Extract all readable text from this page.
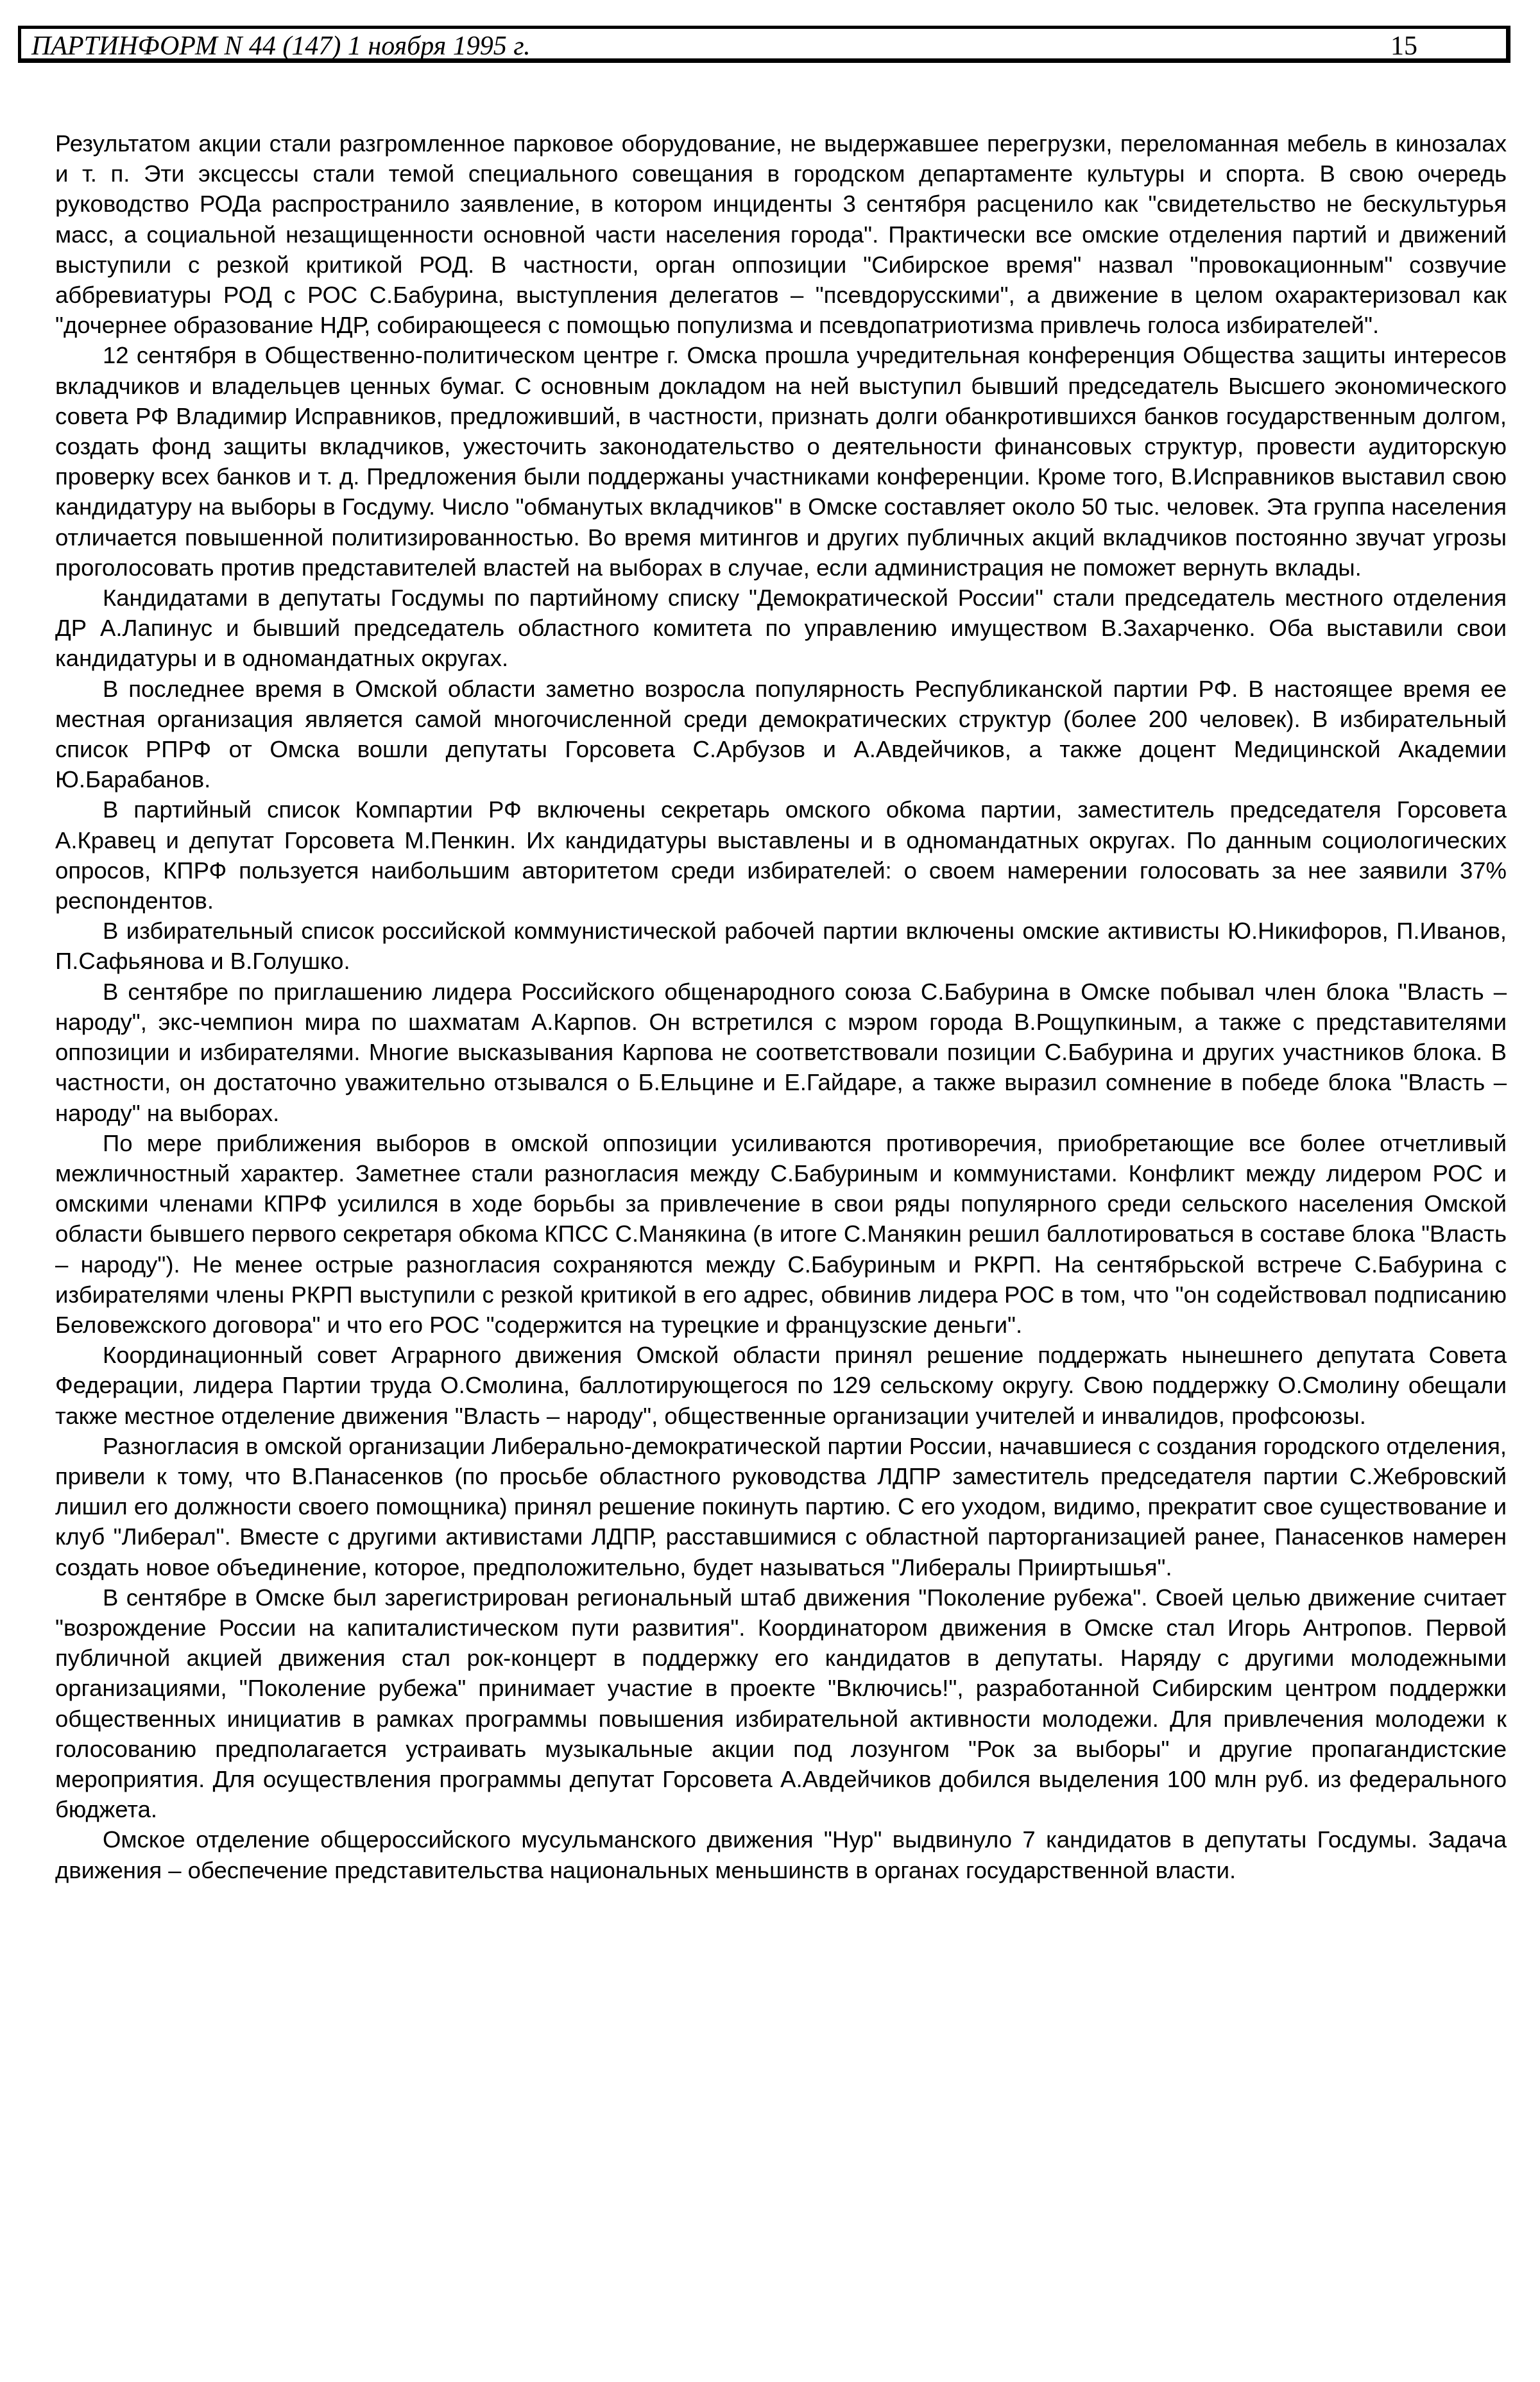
ПАРТИНФОРМ N 44 (147) 1 ноября 1995 г.	15

Результатом акции стали разгромленное парковое оборудование, не выдержавшее перегрузки, переломанная мебель в кинозалах и т. п. Эти эксцессы стали темой специального совещания в городском департаменте культуры и спорта. В свою очередь руководство РОДа распространило заявление, в котором инциденты 3 сентября расценило как "свидетельство не бескультурья масс, а социальной незащищенности основной части населения города". Практически все омские отделения партий и движений выступили с резкой критикой РОД. В частности, орган оппозиции "Сибирское время" назвал "провокационным" созвучие аббревиатуры РОД с РОС С.Бабурина, выступления делегатов – "псевдорусскими", а движение в целом охарактеризовал как "дочернее образование НДР, собирающееся с помощью популизма и псевдопатриотизма привлечь голоса избирателей".

12 сентября в Общественно-политическом центре г. Омска прошла учредительная конференция Общества защиты интересов вкладчиков и владельцев ценных бумаг. С основным докладом на ней выступил бывший председатель Высшего экономического совета РФ Владимир Исправников, предложивший, в частности, признать долги обанкротившихся банков государственным долгом, создать фонд защиты вкладчиков, ужесточить законодательство о деятельности финансовых структур, провести аудиторскую проверку всех банков и т. д. Предложения были поддержаны участниками конференции. Кроме того, В.Исправников выставил свою кандидатуру на выборы в Госдуму. Число "обманутых вкладчиков" в Омске составляет около 50 тыс. человек. Эта группа населения отличается повышенной политизированностью. Во время митингов и других публичных акций вкладчиков постоянно звучат угрозы проголосовать против представителей властей на выборах в случае, если администрация не поможет вернуть вклады.

Кандидатами в депутаты Госдумы по партийному списку "Демократической России" стали председатель местного отделения ДР А.Лапинус и бывший председатель областного комитета по управлению имуществом В.Захарченко. Оба выставили свои кандидатуры и в одномандатных округах.

В последнее время в Омской области заметно возросла популярность Республиканской партии РФ. В настоящее время ее местная организация является самой многочисленной среди демократических структур (более 200 человек). В избирательный список РПРФ от Омска вошли депутаты Горсовета С.Арбузов и А.Авдейчиков, а также доцент Медицинской Академии Ю.Барабанов.

В партийный список Компартии РФ включены секретарь омского обкома партии, заместитель председателя Горсовета А.Кравец и депутат Горсовета М.Пенкин. Их кандидатуры выставлены и в одномандатных округах. По данным социологических опросов, КПРФ пользуется наибольшим авторитетом среди избирателей: о своем намерении голосовать за нее заявили 37% респондентов.

В избирательный список российской коммунистической рабочей партии включены омские активисты Ю.Никифоров, П.Иванов, П.Сафьянова и В.Голушко.

В сентябре по приглашению лидера Российского общенародного союза С.Бабурина в Омске побывал член блока "Власть – народу", экс-чемпион мира по шахматам А.Карпов. Он встретился с мэром города В.Рощупкиным, а также с представителями оппозиции и избирателями. Многие высказывания Карпова не соответствовали позиции С.Бабурина и других участников блока. В частности, он достаточно уважительно отзывался о Б.Ельцине и Е.Гайдаре, а также выразил сомнение в победе блока "Власть – народу" на выборах.

По мере приближения выборов в омской оппозиции усиливаются противоречия, приобретающие все более отчетливый межличностный характер. Заметнее стали разногласия между С.Бабуриным и коммунистами. Конфликт между лидером РОС и омскими членами КПРФ усилился в ходе борьбы за привлечение в свои ряды популярного среди сельского населения Омской области бывшего первого секретаря обкома КПСС С.Манякина (в итоге С.Манякин решил баллотироваться в составе блока "Власть – народу"). Не менее острые разногласия сохраняются между С.Бабуриным и РКРП. На сентябрьской встрече С.Бабурина с избирателями члены РКРП выступили с резкой критикой в его адрес, обвинив лидера РОС в том, что "он содействовал подписанию Беловежского договора" и что его РОС "содержится на турецкие и французские деньги".

Координационный совет Аграрного движения Омской области принял решение поддержать нынешнего депутата Совета Федерации, лидера Партии труда О.Смолина, баллотирующегося по 129 сельскому округу. Свою поддержку О.Смолину обещали также местное отделение движения "Власть – народу", общественные организации учителей и инвалидов, профсоюзы.

Разногласия в омской организации Либерально-демократической партии России, начавшиеся с создания городского отделения, привели к тому, что В.Панасенков (по просьбе областного руководства ЛДПР заместитель председателя партии С.Жебровский лишил его должности своего помощника) принял решение покинуть партию. С его уходом, видимо, прекратит свое существование и клуб "Либерал". Вместе с другими активистами ЛДПР, расставшимися с областной парторганизацией ранее, Панасенков намерен создать новое объединение, которое, предположительно, будет называться "Либералы Прииртышья".

В сентябре в Омске был зарегистрирован региональный штаб движения "Поколение рубежа". Своей целью движение считает "возрождение России на капиталистическом пути развития". Координатором движения в Омске стал Игорь Антропов. Первой публичной акцией движения стал рок-концерт в поддержку его кандидатов в депутаты. Наряду с другими молодежными организациями, "Поколение рубежа" принимает участие в проекте "Включись!", разработанной Сибирским центром поддержки общественных инициатив в рамках программы повышения избирательной активности молодежи. Для привлечения молодежи к голосованию предполагается устраивать музыкальные акции под лозунгом "Рок за выборы" и другие пропагандистские мероприятия. Для осуществления программы депутат Горсовета А.Авдейчиков добился выделения 100 млн руб. из федерального бюджета.

Омское отделение общероссийского мусульманского движения "Нур" выдвинуло 7 кандидатов в депутаты Госдумы. Задача движения – обеспечение представительства национальных меньшинств в органах государственной власти.
